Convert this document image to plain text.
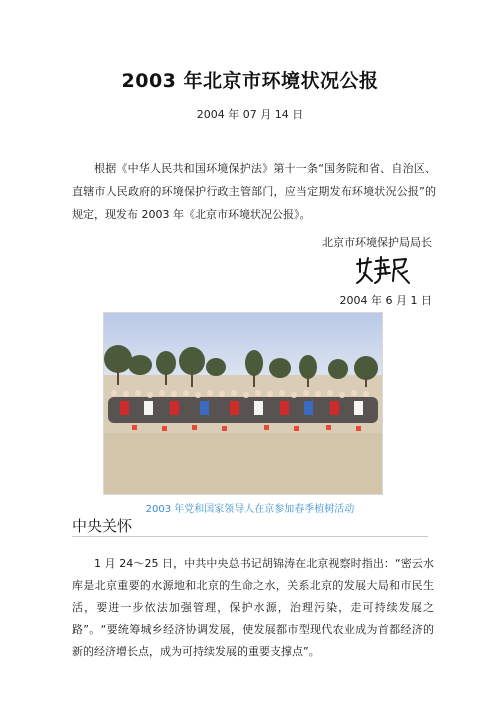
2003 年北京市环境状况公报
2004 年 07 月 14 日

根据《中华人民共和国环境保护法》第十一条“国务院和省、自治区、直辖市人民政府的环境保护行政主管部门，应当定期发布环境状况公报”的规定，现发布 2003 年《北京市环境状况公报》。

北京市环境保护局局长
2004 年 6 月 1 日
2003 年党和国家领导人在京参加春季植树活动
中央关怀

1 月 24～25 日，中共中央总书记胡锦涛在北京视察时指出：“密云水库是北京重要的水源地和北京的生命之水，关系北京的发展大局和市民生活，要进一步依法加强管理，保护水源，治理污染，走可持续发展之路”。“要统筹城乡经济协调发展，使发展都市型现代农业成为首都经济的新的经济增长点，成为可持续发展的重要支撑点”。
